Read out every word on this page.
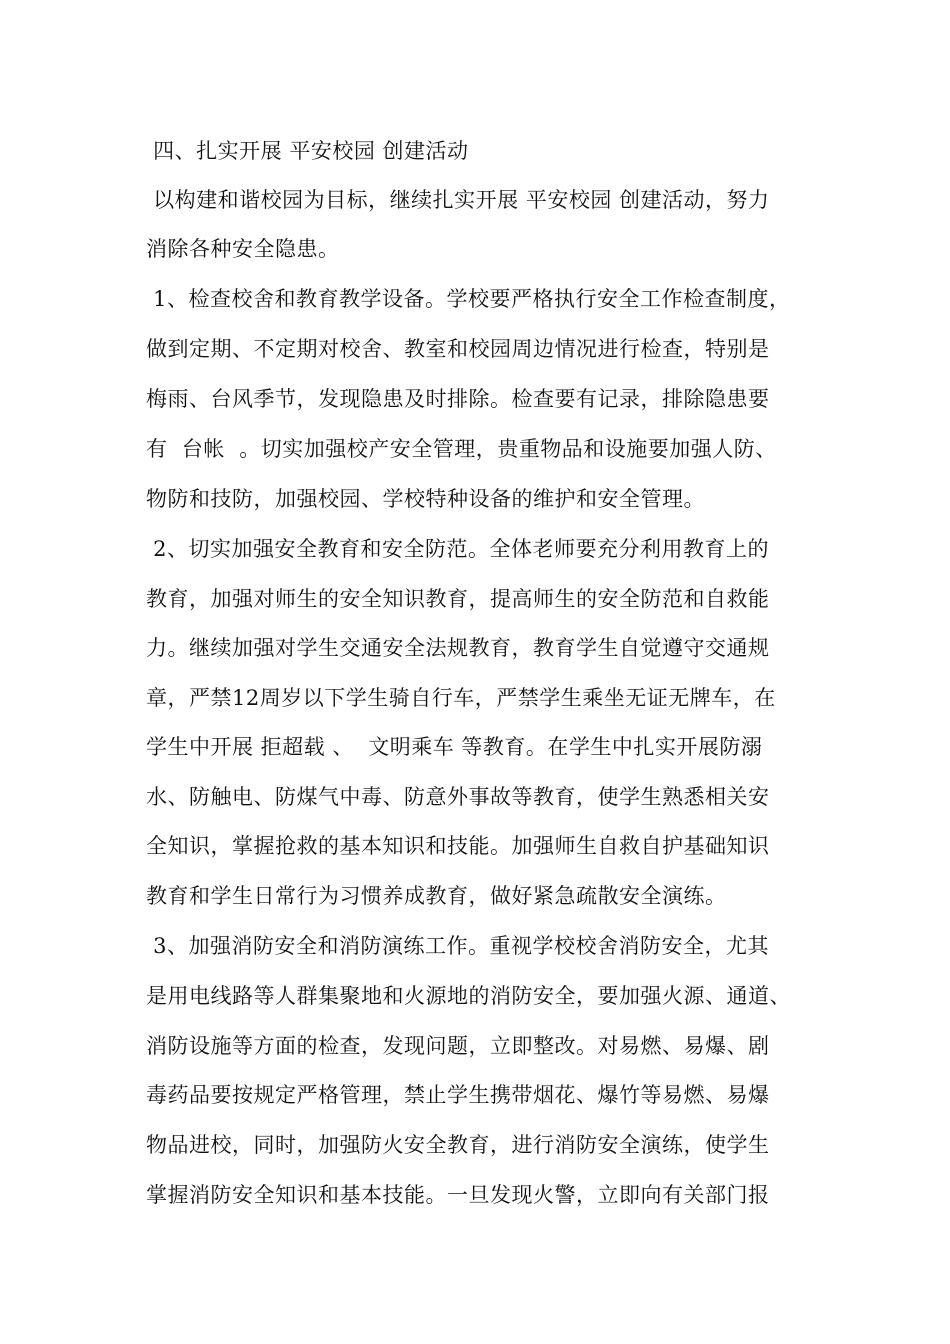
四、扎实开展 平安校园 创建活动
以构建和谐校园为目标，继续扎实开展 平安校园 创建活动，努力
消除各种安全隐患。
1、检查校舍和教育教学设备。学校要严格执行安全工作检查制度，
做到定期、不定期对校舍、教室和校园周边情况进行检查，特别是
梅雨、台风季节，发现隐患及时排除。检查要有记录，排除隐患要
有  台帐  。切实加强校产安全管理，贵重物品和设施要加强人防、
物防和技防，加强校园、学校特种设备的维护和安全管理。
2、切实加强安全教育和安全防范。全体老师要充分利用教育上的
教育，加强对师生的安全知识教育，提高师生的安全防范和自救能
力。继续加强对学生交通安全法规教育，教育学生自觉遵守交通规
章，严禁12周岁以下学生骑自行车，严禁学生乘坐无证无牌车，在
学生中开展 拒超载 、  文明乘车 等教育。在学生中扎实开展防溺
水、防触电、防煤气中毒、防意外事故等教育，使学生熟悉相关安
全知识，掌握抢救的基本知识和技能。加强师生自救自护基础知识
教育和学生日常行为习惯养成教育，做好紧急疏散安全演练。
3、加强消防安全和消防演练工作。重视学校校舍消防安全，尤其
是用电线路等人群集聚地和火源地的消防安全，要加强火源、通道、
消防设施等方面的检查，发现问题，立即整改。对易燃、易爆、剧
毒药品要按规定严格管理，禁止学生携带烟花、爆竹等易燃、易爆
物品进校，同时，加强防火安全教育，进行消防安全演练，使学生
掌握消防安全知识和基本技能。一旦发现火警，立即向有关部门报
